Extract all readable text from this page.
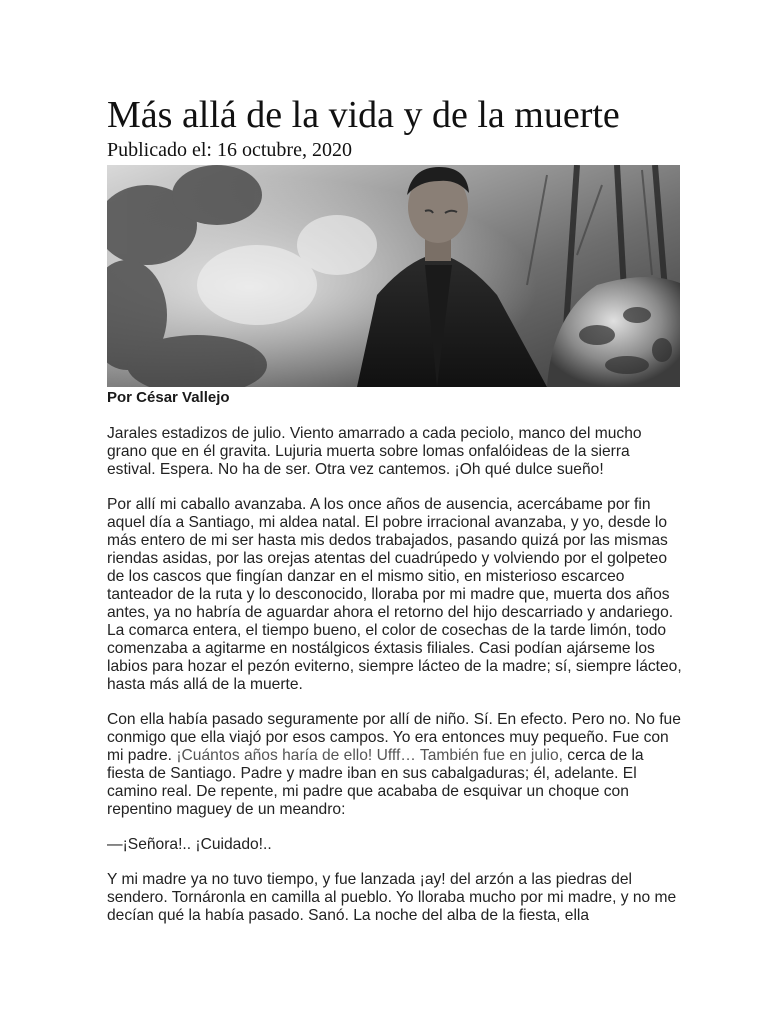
Más allá de la vida y de la muerte

Publicado el: 16 octubre, 2020

Por César Vallejo

Jarales estadizos de julio. Viento amarrado a cada peciolo, manco del mucho grano que en él gravita. Lujuria muerta sobre lomas onfalóideas de la sierra estival. Espera. No ha de ser. Otra vez cantemos. ¡Oh qué dulce sueño!

Por allí mi caballo avanzaba. A los once años de ausencia, acercábame por fin aquel día a Santiago, mi aldea natal. El pobre irracional avanzaba, y yo, desde lo más entero de mi ser hasta mis dedos trabajados, pasando quizá por las mismas riendas asidas, por las orejas atentas del cuadrúpedo y volviendo por el golpeteo de los cascos que fingían danzar en el mismo sitio, en misterioso escarceo tanteador de la ruta y lo desconocido, lloraba por mi madre que, muerta dos años antes, ya no habría de aguardar ahora el retorno del hijo descarriado y andariego. La comarca entera, el tiempo bueno, el color de cosechas de la tarde limón, todo comenzaba a agitarme en nostálgicos éxtasis filiales. Casi podían ajárseme los labios para hozar el pezón eviterno, siempre lácteo de la madre; sí, siempre lácteo, hasta más allá de la muerte.

Con ella había pasado seguramente por allí de niño. Sí. En efecto. Pero no. No fue conmigo que ella viajó por esos campos. Yo era entonces muy pequeño. Fue con mi padre. ¡Cuántos años haría de ello! Ufff… También fue en julio, cerca de la fiesta de Santiago. Padre y madre iban en sus cabalgaduras; él, adelante. El camino real. De repente, mi padre que acababa de esquivar un choque con repentino maguey de un meandro:

—¡Señora!.. ¡Cuidado!..

Y mi madre ya no tuvo tiempo, y fue lanzada ¡ay! del arzón a las piedras del sendero. Tornáronla en camilla al pueblo. Yo lloraba mucho por mi madre, y no me decían qué la había pasado. Sanó. La noche del alba de la fiesta, ella
